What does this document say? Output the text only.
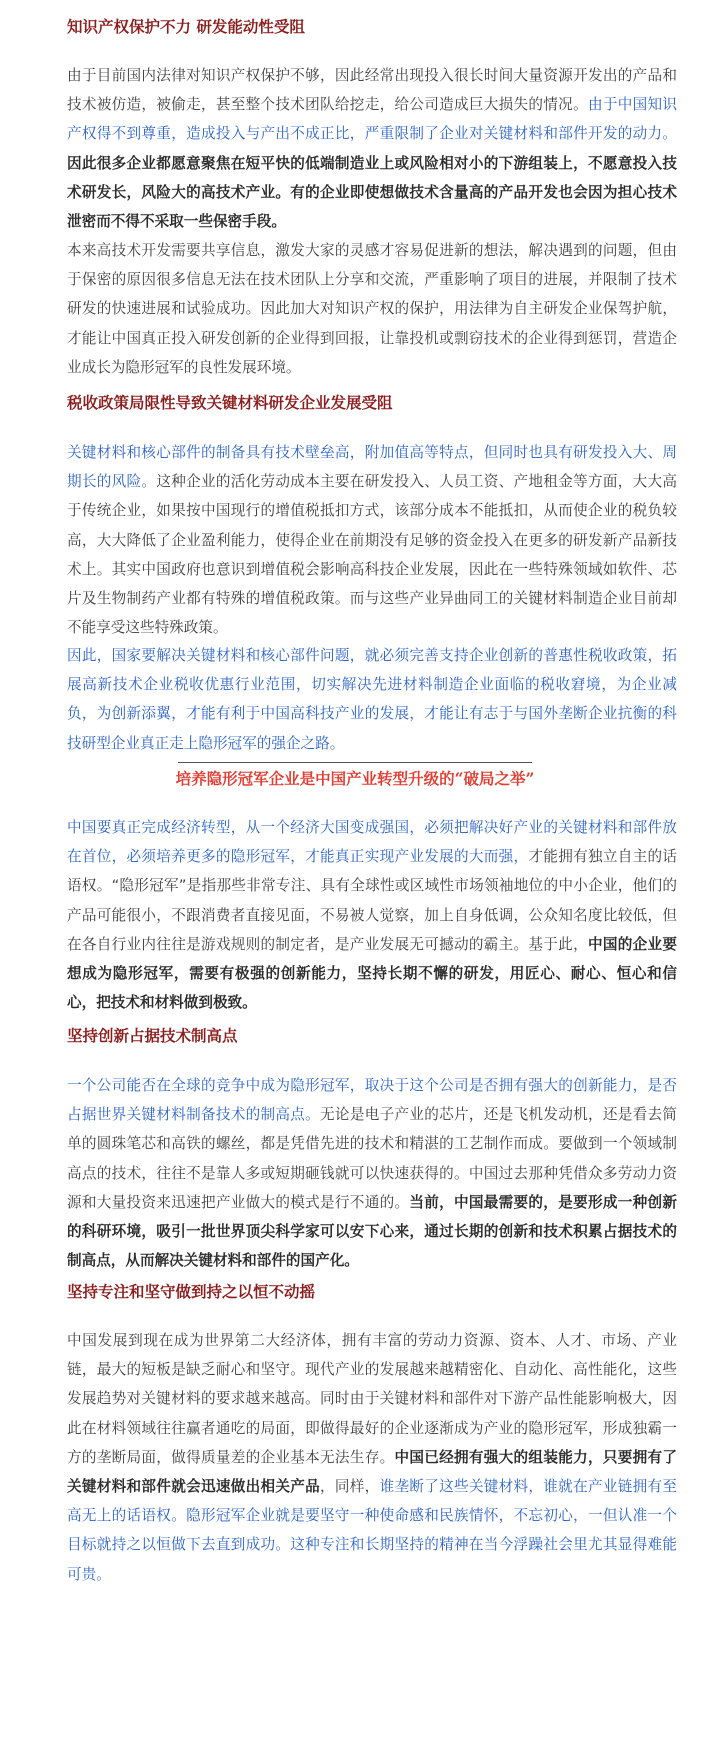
知识产权保护不力 研发能动性受阻

由于目前国内法律对知识产权保护不够，因此经常出现投入很长时间大量资源开发出的产品和技术被仿造，被偷走，甚至整个技术团队给挖走，给公司造成巨大损失的情况。由于中国知识产权得不到尊重，造成投入与产出不成正比，严重限制了企业对关键材料和部件开发的动力。因此很多企业都愿意聚焦在短平快的低端制造业上或风险相对小的下游组装上，不愿意投入技术研发长，风险大的高技术产业。有的企业即使想做技术含量高的产品开发也会因为担心技术泄密而不得不采取一些保密手段。

本来高技术开发需要共享信息，激发大家的灵感才容易促进新的想法，解决遇到的问题，但由于保密的原因很多信息无法在技术团队上分享和交流，严重影响了项目的进展，并限制了技术研发的快速进展和试验成功。因此加大对知识产权的保护，用法律为自主研发企业保驾护航，才能让中国真正投入研发创新的企业得到回报，让靠投机或剽窃技术的企业得到惩罚，营造企业成长为隐形冠军的良性发展环境。

税收政策局限性导致关键材料研发企业发展受阻

关键材料和核心部件的制备具有技术壁垒高，附加值高等特点，但同时也具有研发投入大、周期长的风险。这种企业的活化劳动成本主要在研发投入、人员工资、产地租金等方面，大大高于传统企业，如果按中国现行的增值税抵扣方式，该部分成本不能抵扣，从而使企业的税负较高，大大降低了企业盈利能力，使得企业在前期没有足够的资金投入在更多的研发新产品新技术上。其实中国政府也意识到增值税会影响高科技企业发展，因此在一些特殊领域如软件、芯片及生物制药产业都有特殊的增值税政策。而与这些产业异曲同工的关键材料制造企业目前却不能享受这些特殊政策。

因此，国家要解决关键材料和核心部件问题，就必须完善支持企业创新的普惠性税收政策，拓展高新技术企业税收优惠行业范围，切实解决先进材料制造企业面临的税收窘境，为企业减负，为创新添翼，才能有利于中国高科技产业的发展，才能让有志于与国外垄断企业抗衡的科技研型企业真正走上隐形冠军的强企之路。

培养隐形冠军企业是中国产业转型升级的“破局之举”

中国要真正完成经济转型，从一个经济大国变成强国，必须把解决好产业的关键材料和部件放在首位，必须培养更多的隐形冠军，才能真正实现产业发展的大而强，才能拥有独立自主的话语权。“隐形冠军”是指那些非常专注、具有全球性或区域性市场领袖地位的中小企业，他们的产品可能很小，不跟消费者直接见面，不易被人觉察，加上自身低调，公众知名度比较低，但在各自行业内往往是游戏规则的制定者，是产业发展无可撼动的霸主。基于此，中国的企业要想成为隐形冠军，需要有极强的创新能力，坚持长期不懈的研发，用匠心、耐心、恒心和信心，把技术和材料做到极致。

坚持创新占据技术制高点

一个公司能否在全球的竞争中成为隐形冠军，取决于这个公司是否拥有强大的创新能力，是否占据世界关键材料制备技术的制高点。无论是电子产业的芯片，还是飞机发动机，还是看去简单的圆珠笔芯和高铁的螺丝，都是凭借先进的技术和精湛的工艺制作而成。要做到一个领域制高点的技术，往往不是靠人多或短期砸钱就可以快速获得的。中国过去那种凭借众多劳动力资源和大量投资来迅速把产业做大的模式是行不通的。当前，中国最需要的，是要形成一种创新的科研环境，吸引一批世界顶尖科学家可以安下心来，通过长期的创新和技术积累占据技术的制高点，从而解决关键材料和部件的国产化。

坚持专注和坚守做到持之以恒不动摇

中国发展到现在成为世界第二大经济体，拥有丰富的劳动力资源、资本、人才、市场、产业链，最大的短板是缺乏耐心和坚守。现代产业的发展越来越精密化、自动化、高性能化，这些发展趋势对关键材料的要求越来越高。同时由于关键材料和部件对下游产品性能影响极大，因此在材料领域往往赢者通吃的局面，即做得最好的企业逐渐成为产业的隐形冠军，形成独霸一方的垄断局面，做得质量差的企业基本无法生存。中国已经拥有强大的组装能力，只要拥有了关键材料和部件就会迅速做出相关产品，同样，谁垄断了这些关键材料，谁就在产业链拥有至高无上的话语权。隐形冠军企业就是要坚守一种使命感和民族情怀，不忘初心，一但认准一个目标就持之以恒做下去直到成功。这种专注和长期坚持的精神在当今浮躁社会里尤其显得难能可贵。
